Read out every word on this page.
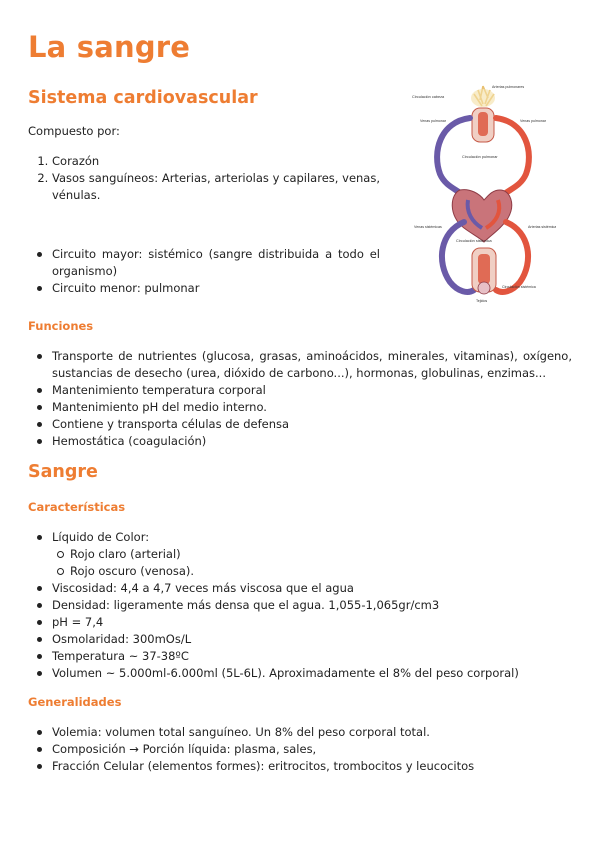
La sangre
Sistema cardiovascular

Compuesto por:

1. Corazón
2. Vasos sanguíneos: Arterias, arteriolas y capilares, venas, vénulas.
Circuito mayor: sistémico (sangre distribuida a todo el organismo)
Circuito menor: pulmonar
Circulación cabeza
Arterias pulmonares
Venas pulmonar	Venas pulmonar
Circulación pulmonar
Venas sistémicas	Arterias sistémicas
Circulación sistémica
Circulación sistémica
Tejidos
Funciones
Transporte de nutrientes (glucosa, grasas, aminoácidos, minerales, vitaminas), oxígeno, sustancias de desecho (urea, dióxido de carbono...), hormonas, globulinas, enzimas...
Mantenimiento temperatura corporal
Mantenimiento pH del medio interno.
Contiene y transporta células de defensa
Hemostática (coagulación)
Sangre
Características
Líquido de Color:
Rojo claro (arterial)
Rojo oscuro (venosa).
Viscosidad: 4,4 a 4,7 veces más viscosa que el agua
Densidad: ligeramente más densa que el agua. 1,055-1,065gr/cm3
pH = 7,4
Osmolaridad: 300mOs/L
Temperatura ~ 37-38ºC
Volumen ~ 5.000ml-6.000ml (5L-6L). Aproximadamente el 8% del peso corporal)
Generalidades
Volemia: volumen total sanguíneo. Un 8% del peso corporal total.
Composición → Porción líquida: plasma, sales,
Fracción Celular (elementos formes): eritrocitos, trombocitos y leucocitos
